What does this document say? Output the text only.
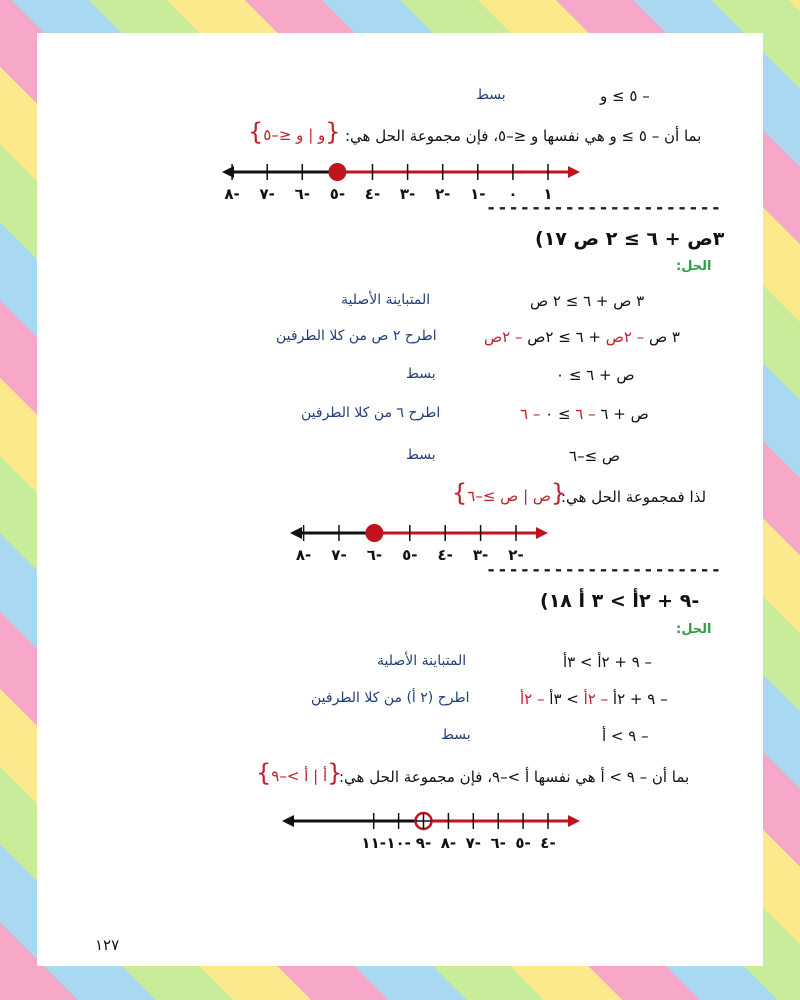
– ٥ ≥ و
بسط
بما أن – ٥ ≥ و هي نفسها و ≤–٥، فإن مجموعة الحل هي:
{و | و ≤–٥}
١
٠
١-
٢-
٣-
٤-
٥-
٦-
٧-
٨-
٢-
٣-
٤-
٥-
٦-
٧-
٨-
٤-
٥-
٦-
٧-
٨-
٩-
١٠-
١١-
---------------------
٣ص + ٦ ≥ ٢ ص ١٧)
الحل:
٣ ص + ٦ ≥ ٢ ص
المتباينة الأصلية
٣ ص – ٢ص + ٦ ≥ ٢ص – ٢ص
اطرح ٢ ص من كلا الطرفين
ص + ٦ ≥ ٠
بسط
ص + ٦ – ٦ ≥ ٠ – ٦
اطرح ٦ من كلا الطرفين
ص ≥–٦
بسط
لذا فمجموعة الحل هي:
{ص | ص ≥–٦}
---------------------
-٩ + ٢أ > ٣ أ ١٨)
الحل:
– ٩ + ٢أ > ٣أ
المتباينة الأصلية
– ٩ + ٢أ – ٢أ > ٣أ – ٢أ
اطرح (٢ أ) من كلا الطرفين
– ٩ > أ
بسط
بما أن – ٩ > أ هي نفسها أ >–٩، فإن مجموعة الحل هي:
{أ | أ >–٩}
١٢٧
